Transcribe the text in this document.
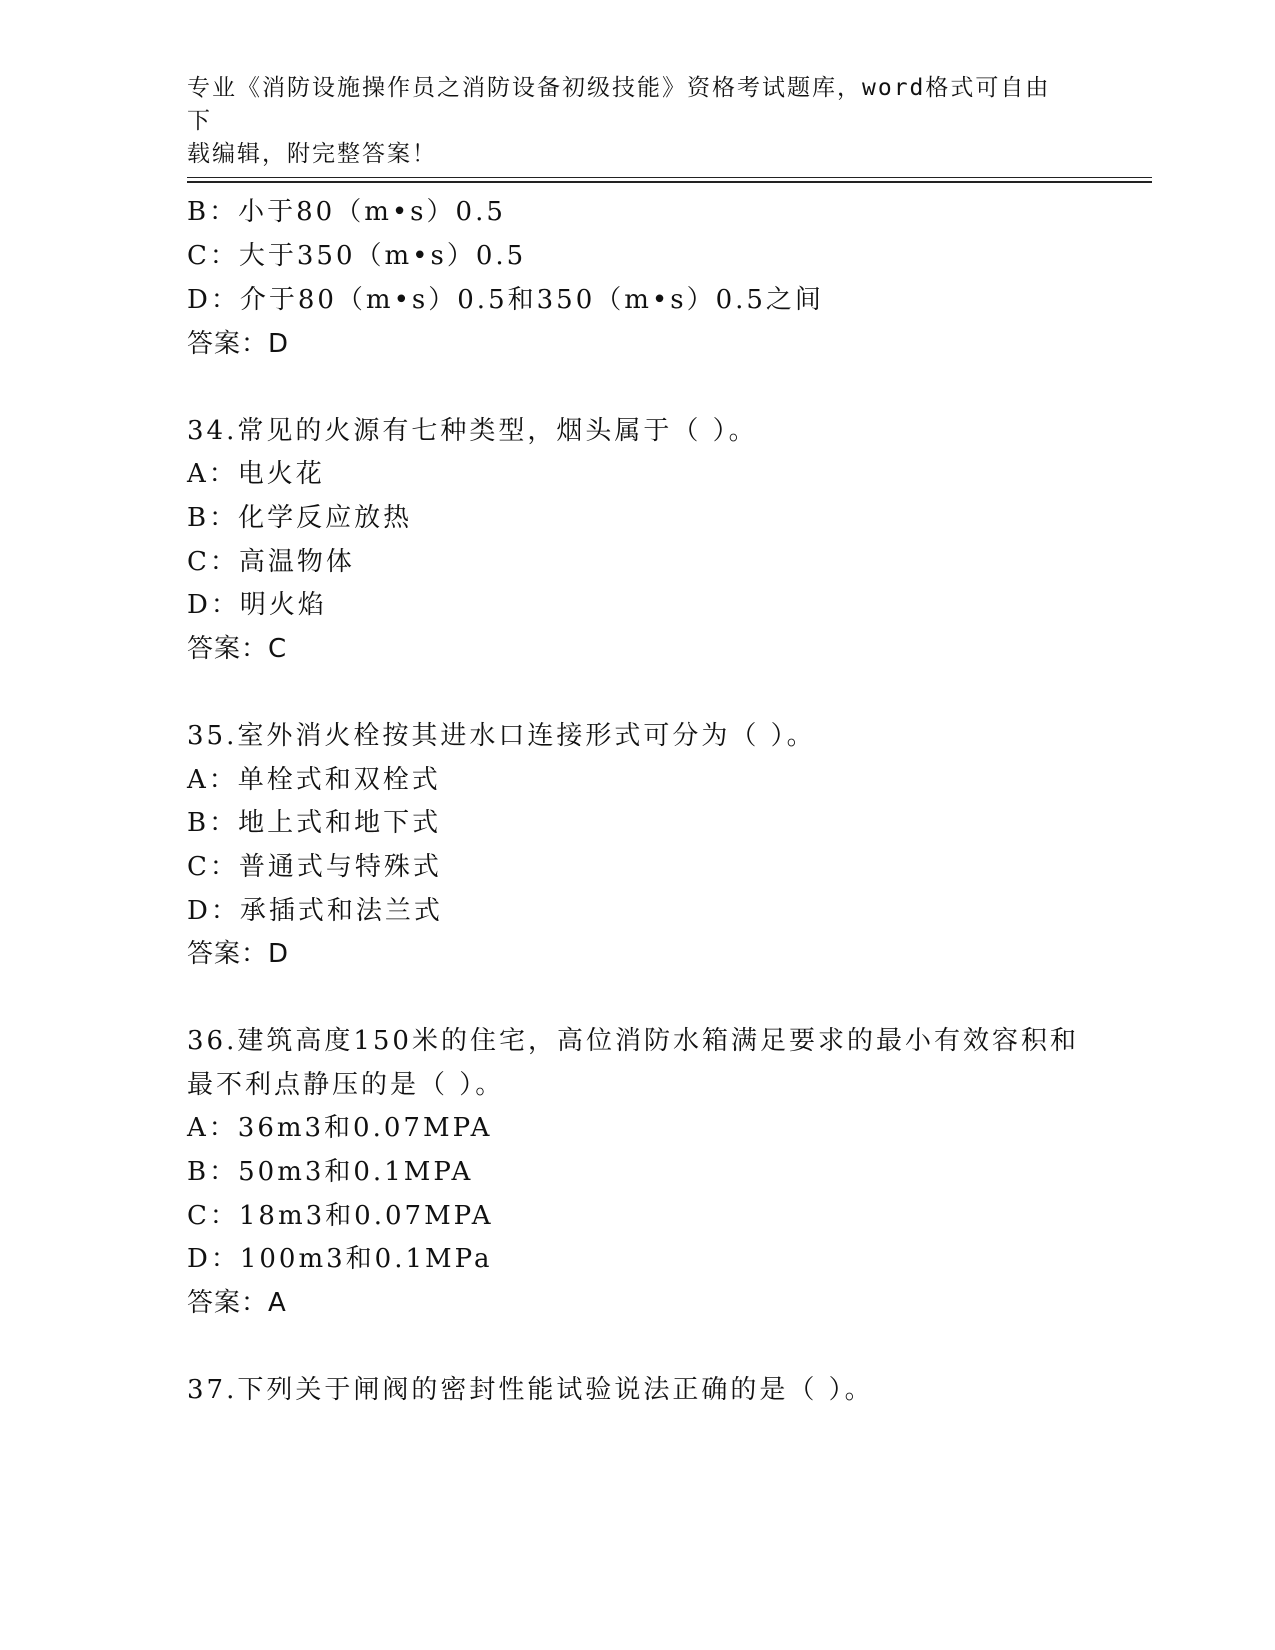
专业《消防设施操作员之消防设备初级技能》资格考试题库，word格式可自由下
载编辑，附完整答案！
B：小于80（m•s）0.5
C：大于350（m•s）0.5
D：介于80（m•s）0.5和350（m•s）0.5之间
答案：D
34.常见的火源有七种类型，烟头属于（ ）。
A：电火花
B：化学反应放热
C：高温物体
D：明火焰
答案：C
35.室外消火栓按其进水口连接形式可分为（ ）。
A：单栓式和双栓式
B：地上式和地下式
C：普通式与特殊式
D：承插式和法兰式
答案：D
36.建筑高度150米的住宅，高位消防水箱满足要求的最小有效容积和
最不利点静压的是（ ）。
A：36m3和0.07MPA
B：50m3和0.1MPA
C：18m3和0.07MPA
D：100m3和0.1MPa
答案：A
37.下列关于闸阀的密封性能试验说法正确的是（ ）。
